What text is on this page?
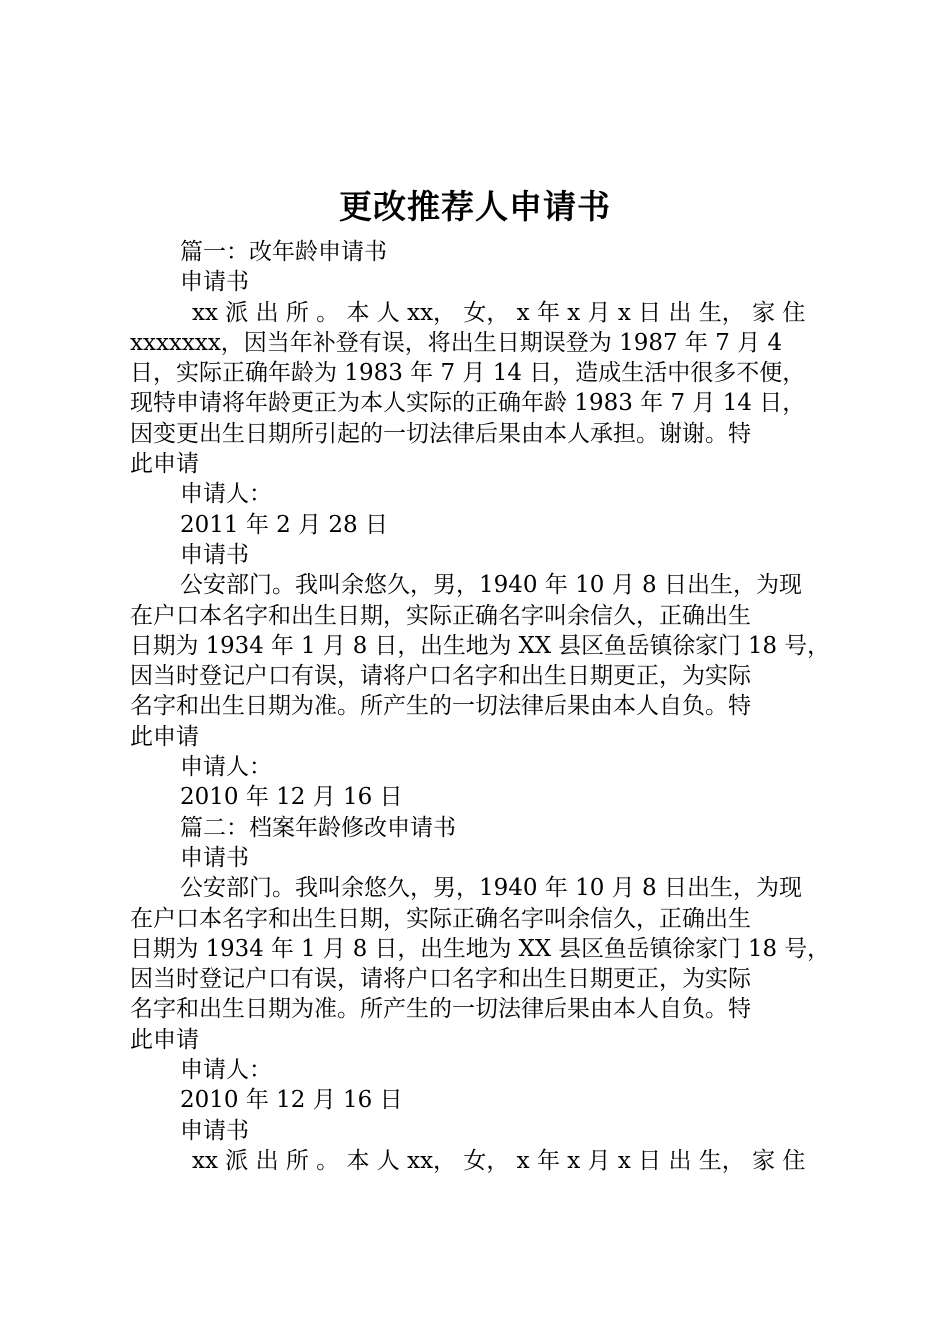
更改推荐人申请书
篇一：改年龄申请书
申请书
xx 派 出 所 。 本 人 xx， 女， x 年 x 月 x 日 出 生， 家 住
xxxxxxx，因当年补登有误，将出生日期误登为 1987 年 7 月 4
日，实际正确年龄为 1983 年 7 月 14 日，造成生活中很多不便，
现特申请将年龄更正为本人实际的正确年龄 1983 年 7 月 14 日，
因变更出生日期所引起的一切法律后果由本人承担。谢谢。特
此申请
申请人：
2011 年 2 月 28 日
申请书
公安部门。我叫余悠久，男，1940 年 10 月 8 日出生，为现
在户口本名字和出生日期，实际正确名字叫余信久，正确出生
日期为 1934 年 1 月 8 日，出生地为 XX 县区鱼岳镇徐家门 18 号，
因当时登记户口有误，请将户口名字和出生日期更正，为实际
名字和出生日期为准。所产生的一切法律后果由本人自负。特
此申请
申请人：
2010 年 12 月 16 日
篇二：档案年龄修改申请书
申请书
公安部门。我叫余悠久，男，1940 年 10 月 8 日出生，为现
在户口本名字和出生日期，实际正确名字叫余信久，正确出生
日期为 1934 年 1 月 8 日，出生地为 XX 县区鱼岳镇徐家门 18 号，
因当时登记户口有误，请将户口名字和出生日期更正，为实际
名字和出生日期为准。所产生的一切法律后果由本人自负。特
此申请
申请人：
2010 年 12 月 16 日
申请书
xx 派 出 所 。 本 人 xx， 女， x 年 x 月 x 日 出 生， 家 住
